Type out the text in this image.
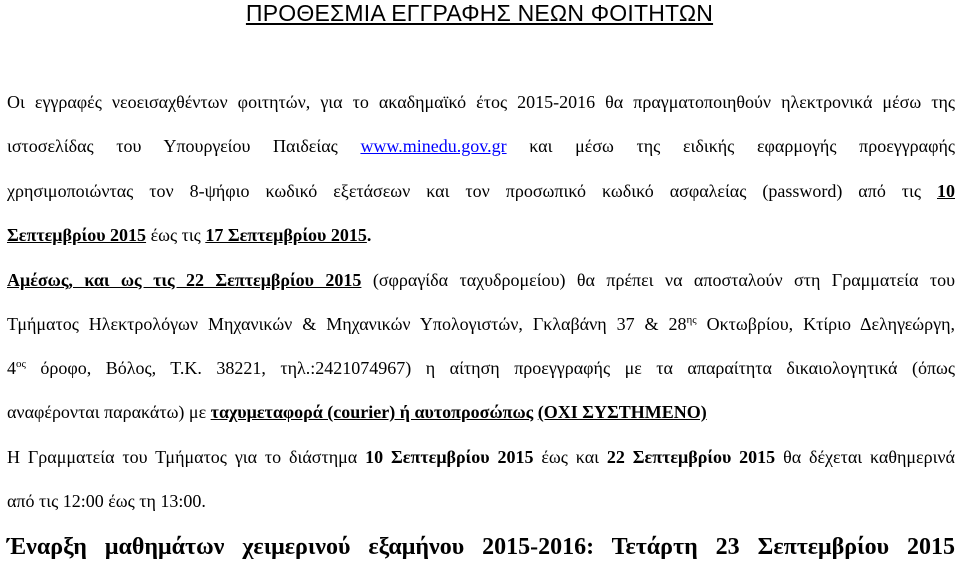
ΠΡΟΘΕΣΜΙΑ ΕΓΓΡΑΦΗΣ ΝΕΩΝ ΦΟΙΤΗΤΩΝ
Οι εγγραφές νεοεισαχθέντων φοιτητών, για το ακαδημαϊκό έτος 2015-2016 θα πραγματοποιηθούν ηλεκτρονικά μέσω της
ιστοσελίδας του Υπουργείου Παιδείας www.minedu.gov.gr και μέσω της ειδικής εφαρμογής προεγγραφής
χρησιμοποιώντας τον 8-ψήφιο κωδικό εξετάσεων και τον προσωπικό κωδικό ασφαλείας (password) από τις 10
Σεπτεμβρίου 2015 έως τις 17 Σεπτεμβρίου 2015.
Αμέσως, και ως τις 22 Σεπτεμβρίου 2015 (σφραγίδα ταχυδρομείου) θα πρέπει να αποσταλούν στη Γραμματεία του
Τμήματος Ηλεκτρολόγων Μηχανικών & Μηχανικών Υπολογιστών, Γκλαβάνη 37 & $28^{\eta\varsigma}$ Οκτωβρίου, Κτίριο Δεληγεώργη,
$4^{o\varsigma}$ όροφο, Βόλος, Τ.Κ. 38221, τηλ.:2421074967) η αίτηση προεγγραφής με τα απαραίτητα δικαιολογητικά (όπως
αναφέρονται παρακάτω) με ταχυμεταφορά (courier) ή αυτοπροσώπως (ΟΧΙ ΣΥΣΤΗΜΕΝΟ)
Η Γραμματεία του Τμήματος για το διάστημα 10 Σεπτεμβρίου 2015 έως και 22 Σεπτεμβρίου 2015 θα δέχεται καθημερινά
από τις 12:00 έως τη 13:00.
Έναρξη μαθημάτων χειμερινού εξαμήνου 2015-2016: Τετάρτη 23 Σεπτεμβρίου 2015
